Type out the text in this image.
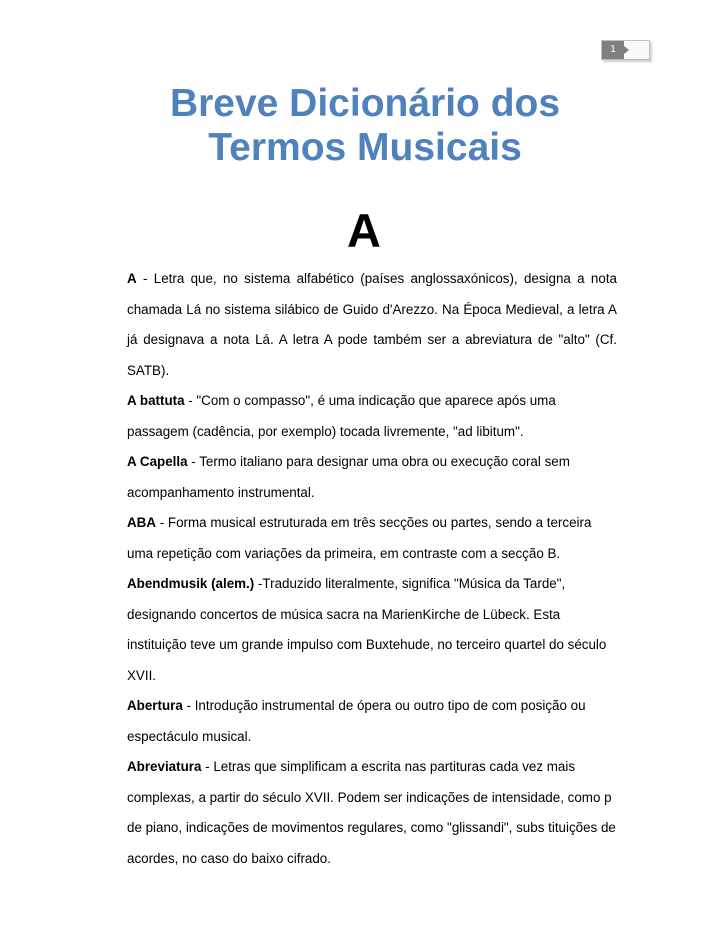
1
Breve Dicionário dos Termos Musicais
A

A - Letra que, no sistema alfabético (países anglossaxónicos), designa a nota chamada Lá no sistema silábico de Guido d'Arezzo. Na Época Medieval, a letra A já designava a nota Lá. A letra A pode também ser a abreviatura de "alto" (Cf. SATB).

A battuta - "Com o compasso", é uma indicação que aparece após uma passagem (cadência, por exemplo) tocada livremente, "ad libitum".

A Capella - Termo italiano para designar uma obra ou execução coral sem acompanhamento instrumental.

ABA - Forma musical estruturada em três secções ou partes, sendo a terceira uma repetição com variações da primeira, em contraste com a secção B.

Abendmusik (alem.) -Traduzido literalmente, significa "Música da Tarde", designando concertos de música sacra na MarienKirche de Lübeck. Esta instituição teve um grande impulso com Buxtehude, no terceiro quartel do século XVII.

Abertura - Introdução instrumental de ópera ou outro tipo de com posição ou espectáculo musical.

Abreviatura - Letras que simplificam a escrita nas partituras cada vez mais complexas, a partir do século XVII. Podem ser indicações de intensidade, como p de piano, indicações de movimentos regulares, como "glissandi", subs tituições de acordes, no caso do baixo cifrado.
